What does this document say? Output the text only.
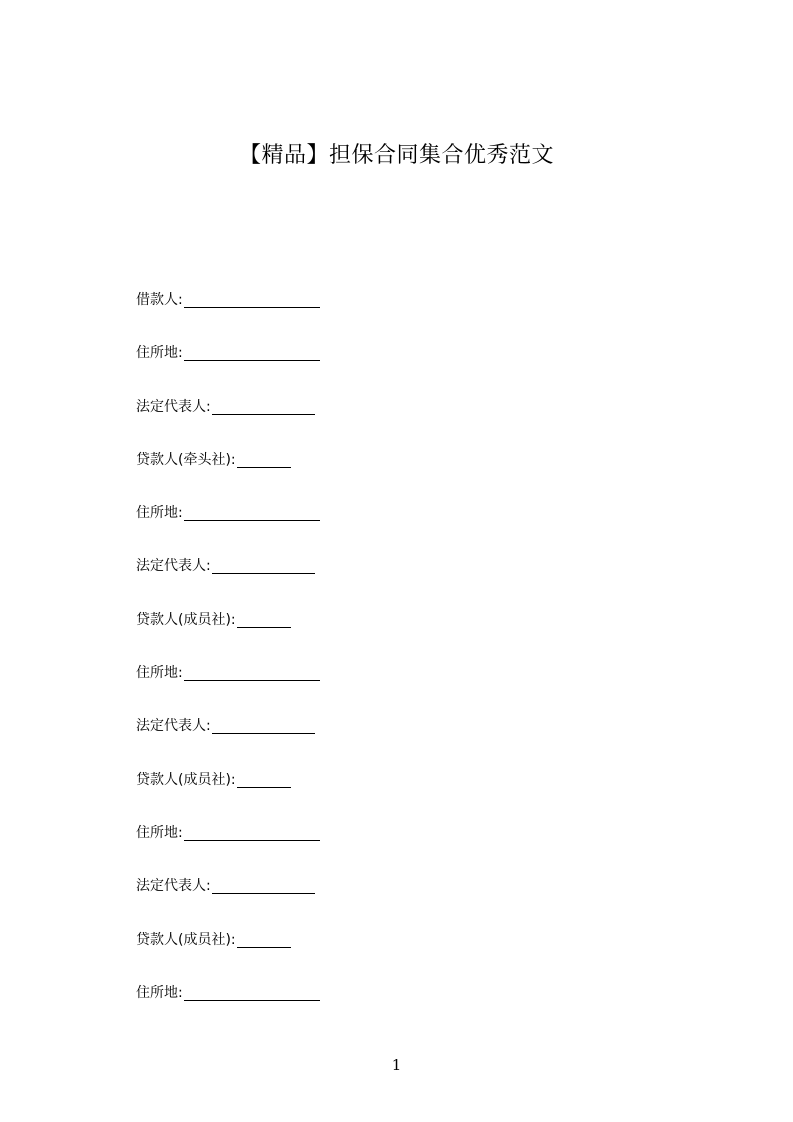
【精品】担保合同集合优秀范文
借款人:
住所地:
法定代表人:
贷款人(牵头社):
住所地:
法定代表人:
贷款人(成员社):
住所地:
法定代表人:
贷款人(成员社):
住所地:
法定代表人:
贷款人(成员社):
住所地:
1
